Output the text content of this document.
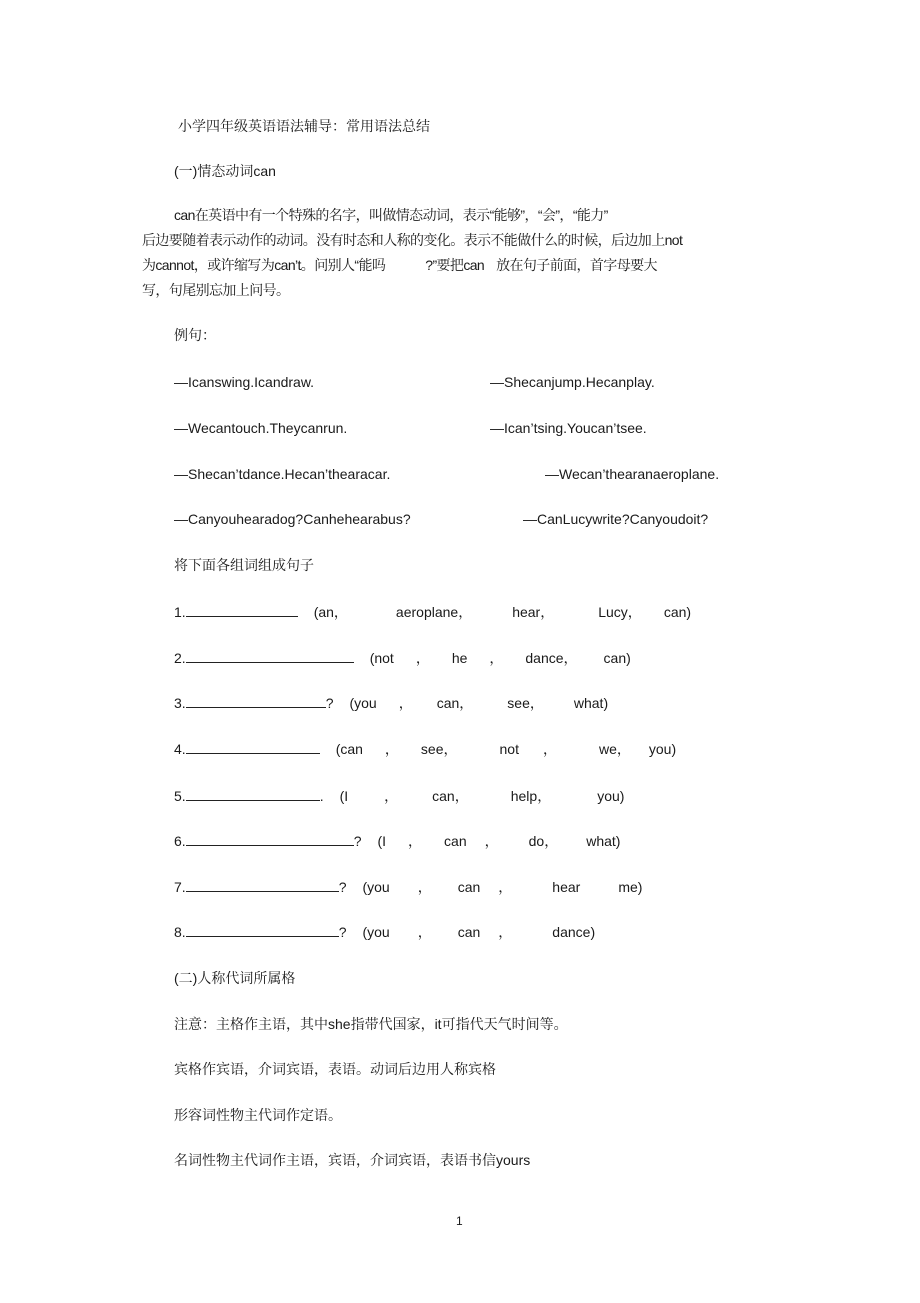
小学四年级英语语法辅导：常用语法总结
(一)情态动词can
can在英语中有一个特殊的名字，叫做情态动词，表示“能够”，“会”，“能力”
后边要随着表示动作的动词。没有时态和人称的变化。表示不能做什么的时候，后边加上not
为cannot，或许缩写为can’t。问别人“能吗	?”要把can 放在句子前面，首字母要大
写，句尾别忘加上问号。
例句：
—Icanswing.Icandraw.	—Shecanjump.Hecanplay.
—Wecantouch.Theycanrun.	—Ican’tsing.Youcan’tsee.
—Shecan’tdance.Hecan’thearacar.	—Wecan’thearanaeroplane.
—Canyouhearadog?Canhehearabus?	—CanLucywrite?Canyoudoit?
将下面各组词组成句子
1.	(an，	aeroplane，	hear，	Lucy， can)
2.	(not ， he ， dance， can)
3.	? (you ， can， see， what)
4.	(can ， see，	not ，	we， you)
5.	. (I	， can，	help，	you)
6.	? (I ， can ， do， what)
7.	? (you ， can ，	hear	me)
8.	? (you ， can ，	dance)
(二)人称代词所属格
注意：主格作主语，其中she指带代国家，it可指代天气时间等。
宾格作宾语，介词宾语，表语。动词后边用人称宾格
形容词性物主代词作定语。
名词性物主代词作主语，宾语，介词宾语，表语书信yours
1
